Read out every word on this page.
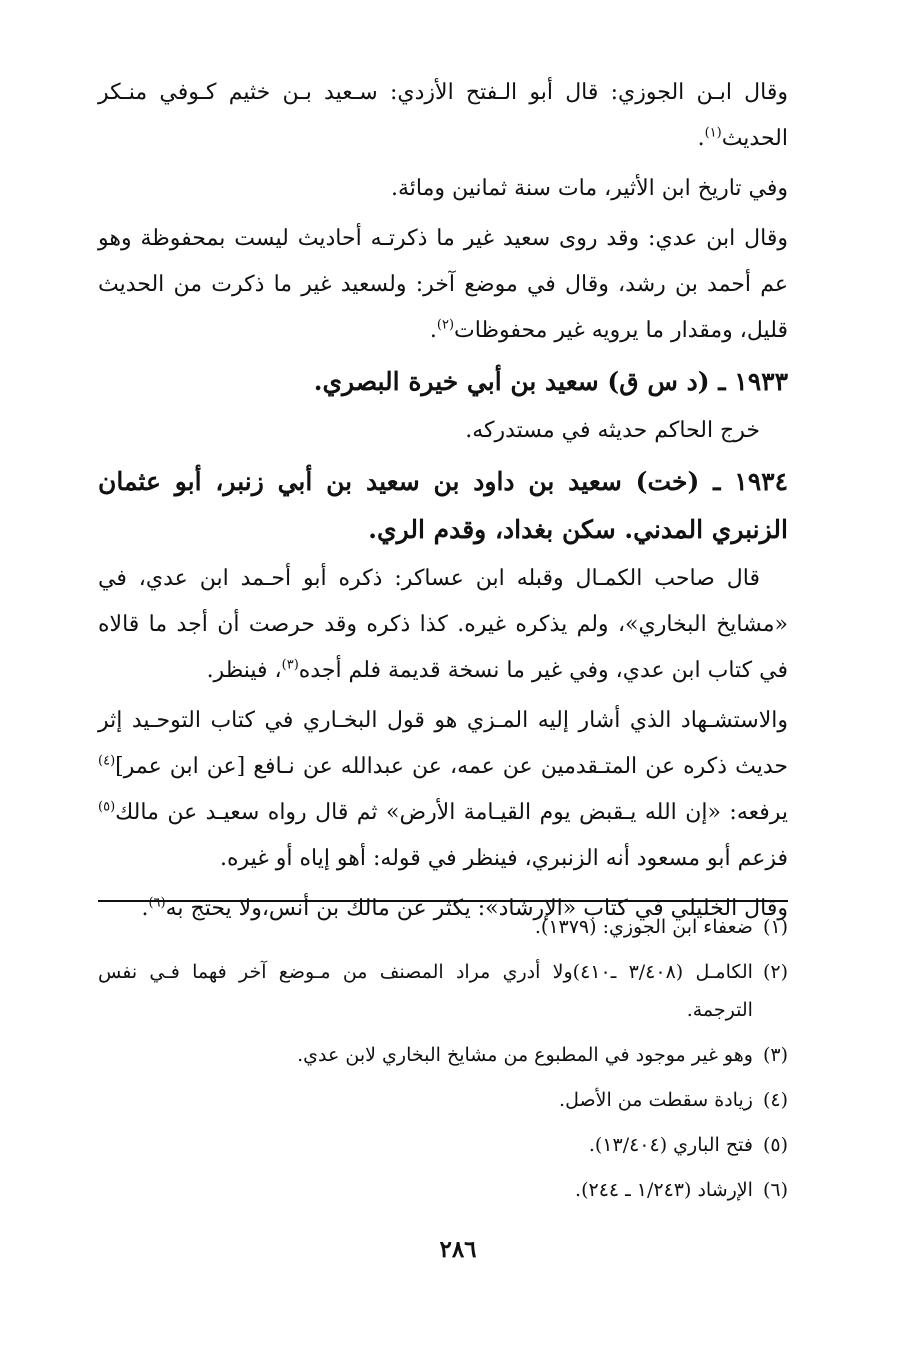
وقال ابـن الجوزي: قال أبو الـفتح الأزدي: سـعيد بـن خثيم كـوفي منـكر الحديث$^{(١)}$.

وفي تاريخ ابن الأثير، مات سنة ثمانين ومائة.

وقال ابن عدي: وقد روى سعيد غير ما ذكرتـه أحاديث ليست بمحفوظة وهو عم أحمد بن رشد، وقال في موضع آخر: ولسعيد غير ما ذكرت من الحديث قليل، ومقدار ما يرويه غير محفوظات$^{(٢)}$.

١٩٣٣ ـ (د س ق) سعيد بن أبي خيرة البصري.

خرج الحاكم حديثه في مستدركه.

١٩٣٤ ـ (خت) سعيد بن داود بن سعيد بن أبي زنبر، أبو عثمان الزنبري المدني. سكن بغداد، وقدم الري.

قال صاحب الكمـال وقبله ابن عساكر: ذكره أبو أحـمد ابن عدي، في «مشايخ البخاري»، ولم يذكره غيره. كذا ذكره وقد حرصت أن أجد ما قالاه في كتاب ابن عدي، وفي غير ما نسخة قديمة فلم أجده$^{(٣)}$، فينظر.

والاستشـهاد الذي أشار إليه المـزي هو قول البخـاري في كتاب التوحـيد إثر حديث ذكره عن المتـقدمين عن عمه، عن عبدالله عن نـافع [عن ابن عمر]$^{(٤)}$ يرفعه: «إن الله يـقبض يوم القيـامة الأرض» ثم قال رواه سعيـد عن مالك$^{(٥)}$ فزعم أبو مسعود أنه الزنبري، فينظر في قوله: أهو إياه أو غيره.

وقال الخليلي في كتاب «الإرشاد»: يكثر عن مالك بن أنس،ولا يحتج به$^{(٦)}$.

(١)
ضعفاء ابن الجوزي: (١٣٧٩).
(٢)
الكامـل (٣/٤٠٨ ـ٤١٠)ولا أدري مراد المصنف من مـوضع آخر فهما فـي نفس الترجمة.
(٣)
وهو غير موجود في المطبوع من مشايخ البخاري لابن عدي.
(٤)
زيادة سقطت من الأصل.
(٥)
فتح الباري (١٣/٤٠٤).
(٦)
الإرشاد (١/٢٤٣ ـ ٢٤٤).
٢٨٦
